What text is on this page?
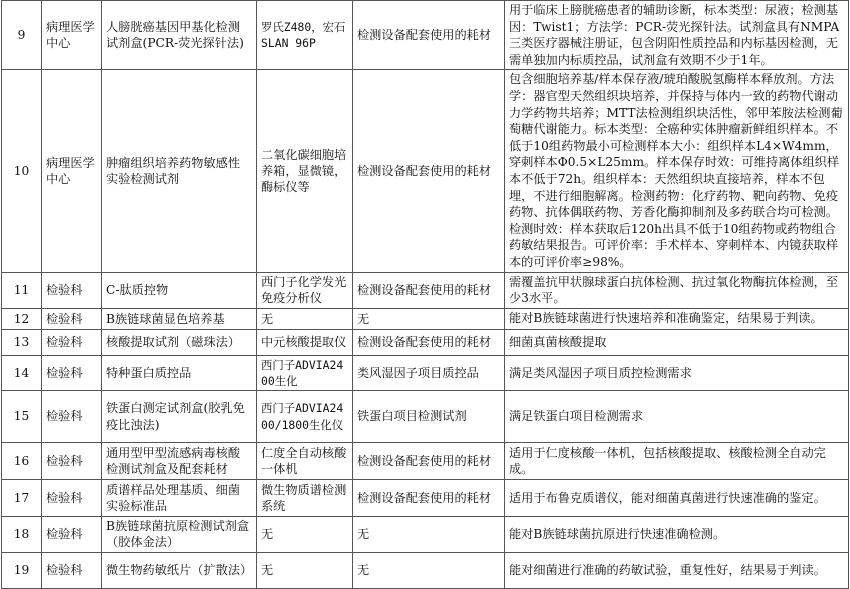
9	病理医学中心	人膀胱癌基因甲基化检测试剂盒(PCR-荧光探针法)	罗氏Z480，宏石SLAN 96P	检测设备配套使用的耗材	用于临床上膀胱癌患者的辅助诊断，标本类型：尿液；检测基因：Twist1；方法学：PCR-荧光探针法。试剂盒具有NMPA三类医疗器械注册证，包含阴阳性质控品和内标基因检测，无需单独加内标质控品，试剂盒有效期不少于1年。
10	病理医学中心	肿瘤组织培养药物敏感性实验检测试剂	二氧化碳细胞培养箱，显微镜，酶标仪等	检测设备配套使用的耗材	包含细胞培养基/样本保存液/琥珀酸脱氢酶样本释放剂。方法学：器官型天然组织块培养，并保持与体内一致的药物代谢动力学药物共培养；MTT法检测组织块活性，邻甲苯胺法检测葡萄糖代谢能力。标本类型：全癌种实体肿瘤新鲜组织样本。不低于10组药物最小可检测样本大小：组织样本L4×W4mm，穿刺样本Φ0.5×L25mm。样本保存时效：可维持离体组织样本不低于72h。组织样本：天然组织块直接培养，样本不包埋，不进行细胞解离。检测药物：化疗药物、靶向药物、免疫药物、抗体偶联药物、芳香化酶抑制剂及多药联合均可检测。检测时效：样本获取后120h出具不低于10组药物或药物组合药敏结果报告。可评价率：手术样本、穿刺样本、内镜获取样本的可评价率≥98%。
11	检验科	C-肽质控物	西门子化学发光免疫分析仪	检测设备配套使用的耗材	需覆盖抗甲状腺球蛋白抗体检测、抗过氧化物酶抗体检测，至少3水平。
12	检验科	B族链球菌显色培养基	无	无	能对B族链球菌进行快速培养和准确鉴定，结果易于判读。
13	检验科	核酸提取试剂（磁珠法）	中元核酸提取仪	检测设备配套使用的耗材	细菌真菌核酸提取
14	检验科	特种蛋白质控品	西门子ADVIA2400生化	类风湿因子项目质控品	满足类风湿因子项目质控检测需求
15	检验科	铁蛋白测定试剂盒(胶乳免疫比浊法)	西门子ADVIA2400/1800生化仪	铁蛋白项目检测试剂	满足铁蛋白项目检测需求
16	检验科	通用型甲型流感病毒核酸检测试剂盒及配套耗材	仁度全自动核酸一体机	检测设备配套使用的耗材	适用于仁度核酸一体机，包括核酸提取、核酸检测全自动完成。
17	检验科	质谱样品处理基质、细菌实验标准品	微生物质谱检测系统	检测设备配套使用的耗材	适用于布鲁克质谱仪，能对细菌真菌进行快速准确的鉴定。
18	检验科	B族链球菌抗原检测试剂盒（胶体金法）	无	无	能对B族链球菌抗原进行快速准确检测。
19	检验科	微生物药敏纸片（扩散法）	无	无	能对细菌进行准确的药敏试验，重复性好，结果易于判读。
